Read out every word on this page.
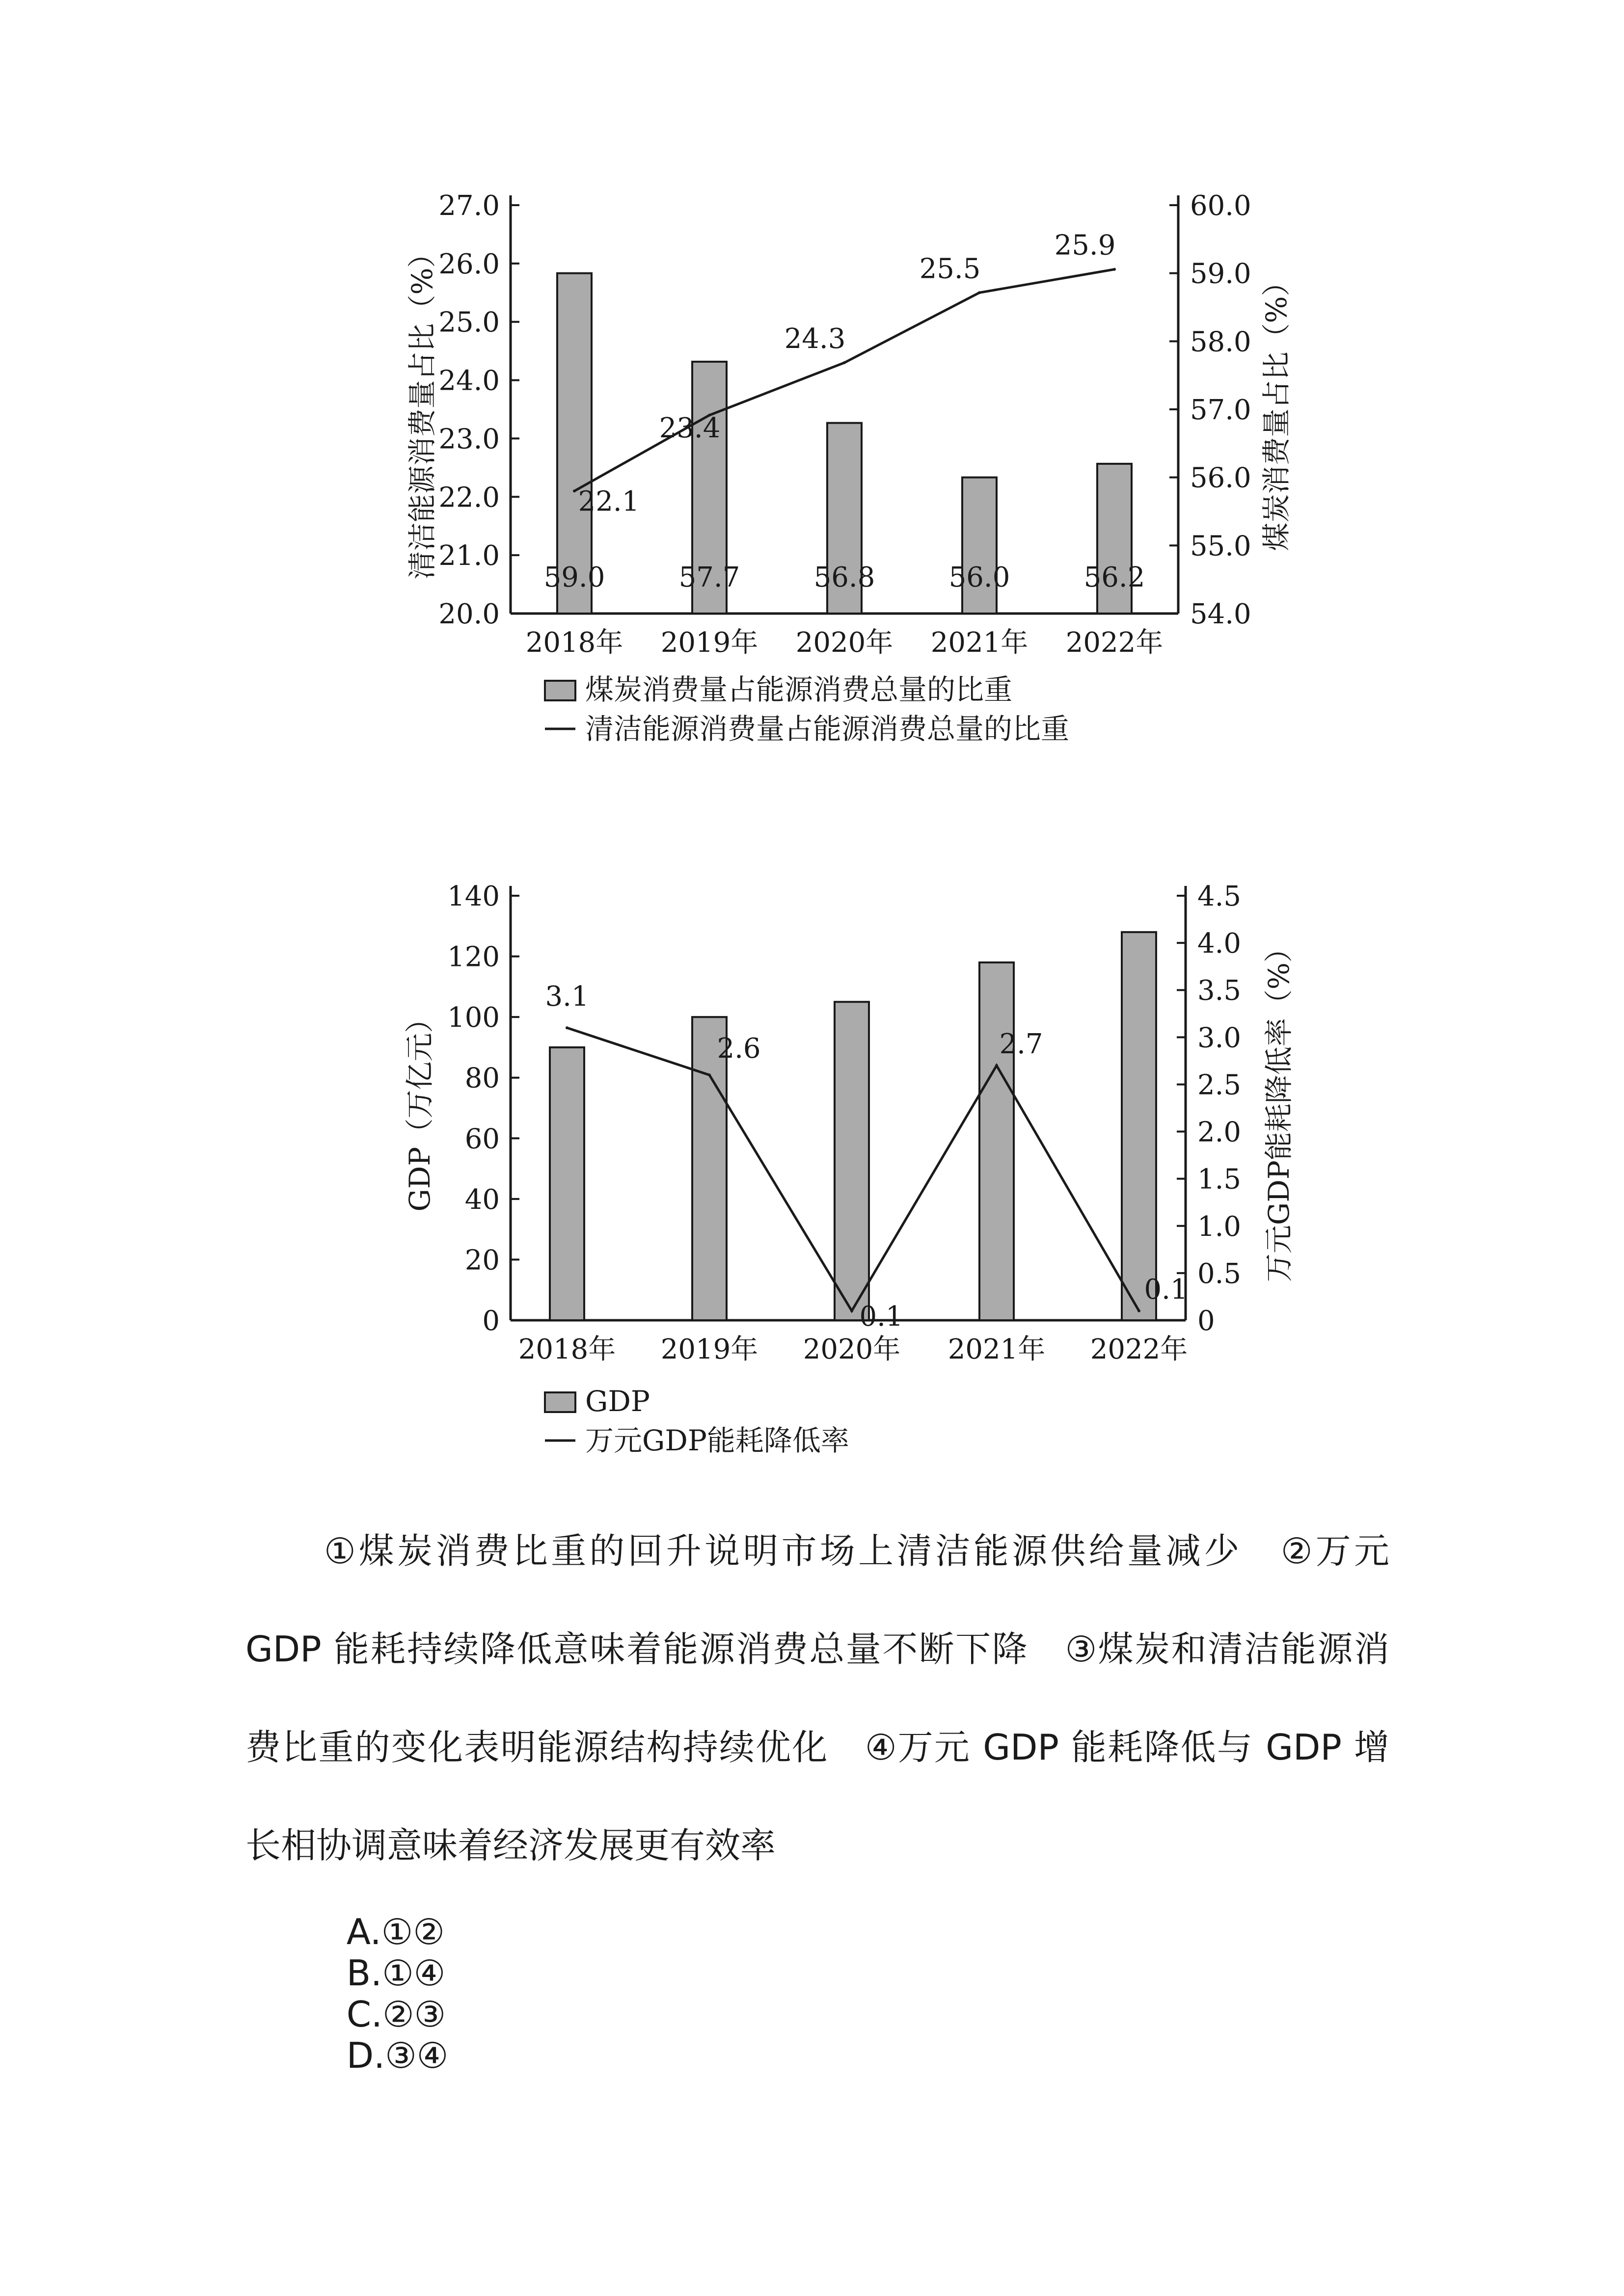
20.0
21.0
22.0
23.0
24.0
25.0
26.0
27.0
54.0
55.0
56.0
57.0
58.0
59.0
60.0
2018年 2019年 2020年 2021年 2022年
清洁能源消费量占比（%）	煤炭消费量占比（%）
59.0	57.7	56.8	56.0	56.2
22.1
23.4
24.3
25.5
25.9
煤炭消费量占能源消费总量的比重
清洁能源消费量占能源消费总量的比重
0
20
40
60
80
100
120
140
0
0.5
1.0
1.5
2.0
2.5
3.0
3.5
4.0
4.5
2018年 2019年 2020年 2021年 2022年
GDP（万亿元）	万元GDP能耗降低率（%）
3.1
2.6
0.1
2.7
0.1
GDP
万元GDP能耗降低率

①煤炭消费比重的回升说明市场上清洁能源供给量减少　②万元 GDP 能耗持续降低意味着能源消费总量不断下降　③煤炭和清洁能源消费比重的变化表明能源结构持续优化　④万元 GDP 能耗降低与 GDP 增长相协调意味着经济发展更有效率

A.①②
B.①④
C.②③
D.③④
